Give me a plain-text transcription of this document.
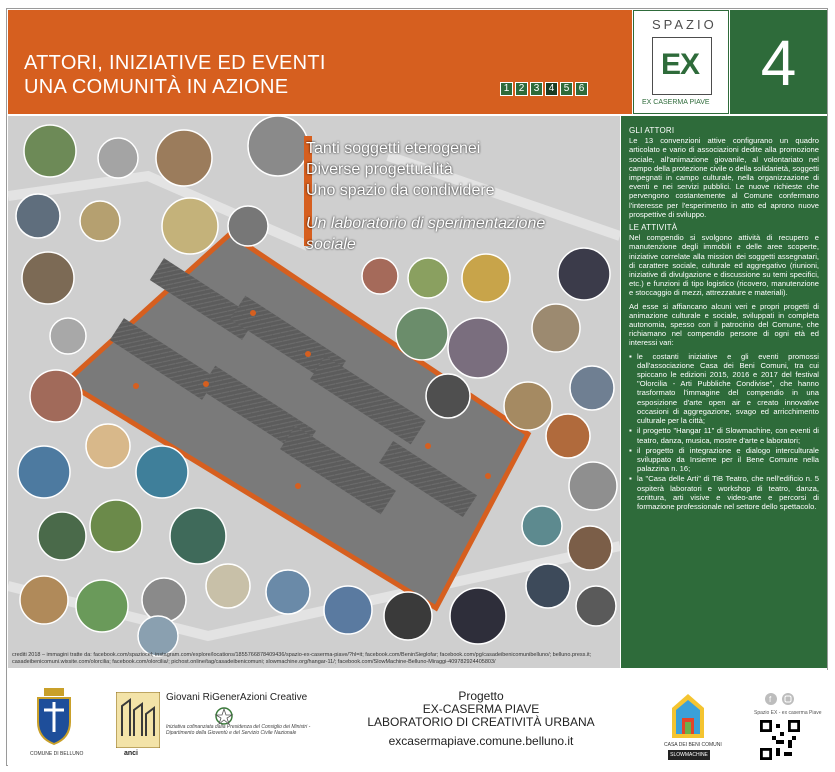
ATTORI, INIZIATIVE ED EVENTI
UNA COMUNITÀ IN AZIONE	1 2 3 4 5 6
SPAZIO
EX
EX CASERMA PIAVE
4
Tanti soggetti eterogenei
Diverse progettualità
Uno spazio da condividere
Un laboratorio di sperimentazione sociale
crediti 2018 – immagini tratte da: facebook.com/spaziocel; instagram.com/explore/locations/1855766878409436/spazio-ex-caserma-piave/?hl=it; facebook.com/BeninSieglofar; facebook.com/pg/casadeibenicomunibelluno/; belluno.press.it; casadeibenicomuni.wixsite.com/olorcilia; facebook.com/olorcilia/; pichost.online/tag/casadeibenicomuni; slowmachine.org/hangar-11/; facebook.com/SlowMachine-Belluno-Miraggi-409782924405803/
GLI ATTORI

Le 13 convenzioni attive configurano un quadro articolato e vario di associazioni dedite alla promozione sociale, all'animazione giovanile, al volontariato nel campo della protezione civile o della solidarietà, soggetti impegnati in campo culturale, nella organizzazione di eventi e nei servizi pubblici. Le nuove richieste che pervengono costantemente al Comune confermano l'interesse per l'esperimento in atto ed aprono nuove prospettive di sviluppo.

LE ATTIVITÀ

Nel compendio si svolgono attività di recupero e manutenzione degli immobili e delle aree scoperte, iniziative correlate alla mission dei soggetti assegnatari, di carattere sociale, culturale ed aggregativo (riunioni, iniziative di divulgazione e discussione su temi specifici, etc.) e funzioni di tipo logistico (ricovero, manutenzione e stoccaggio di mezzi, attrezzature e materiali).

Ad esse si affiancano alcuni veri e propri progetti di animazione culturale e sociale, sviluppati in completa autonomia, spesso con il patrocinio del Comune, che richiamano nel compendio persone di ogni età ed interessi vari:

▪ le costanti iniziative e gli eventi promossi dall'associazione Casa dei Beni Comuni, tra cui spiccano le edizioni 2015, 2016 e 2017 del festival "Olorcilia - Arti Pubbliche Condivise", che hanno trasformato l'immagine del compendio in una esposizione d'arte open air e creato innovative occasioni di aggregazione, svago ed arricchimento culturale per la città;
▪ il progetto "Hangar 11" di Slowmachine, con eventi di teatro, danza, musica, mostre d'arte e laboratori;
▪ il progetto di integrazione e dialogo interculturale sviluppato da Insieme per il Bene Comune nella palazzina n. 16;
▪ la "Casa delle Arti" di TiB Teatro, che nell'edificio n. 5 ospiterà laboratori e workshop di teatro, danza, scrittura, arti visive e video-arte e percorsi di formazione professionale nel settore dello spettacolo.
COMUNE DI BELLUNO	anci
Giovani RiGenerAzioni Creative
Iniziativa cofinanziata dalla Presidenza del Consiglio dei Ministri - Dipartimento della Gioventù e del Servizio Civile Nazionale
Progetto
EX-CASERMA PIAVE
LABORATORIO DI CREATIVITÀ URBANA
excasermapiave.comune.belluno.it	CASA DEI BENI COMUNI
SLOWMACHINE
f
Spazio EX - ex caserma Piave
